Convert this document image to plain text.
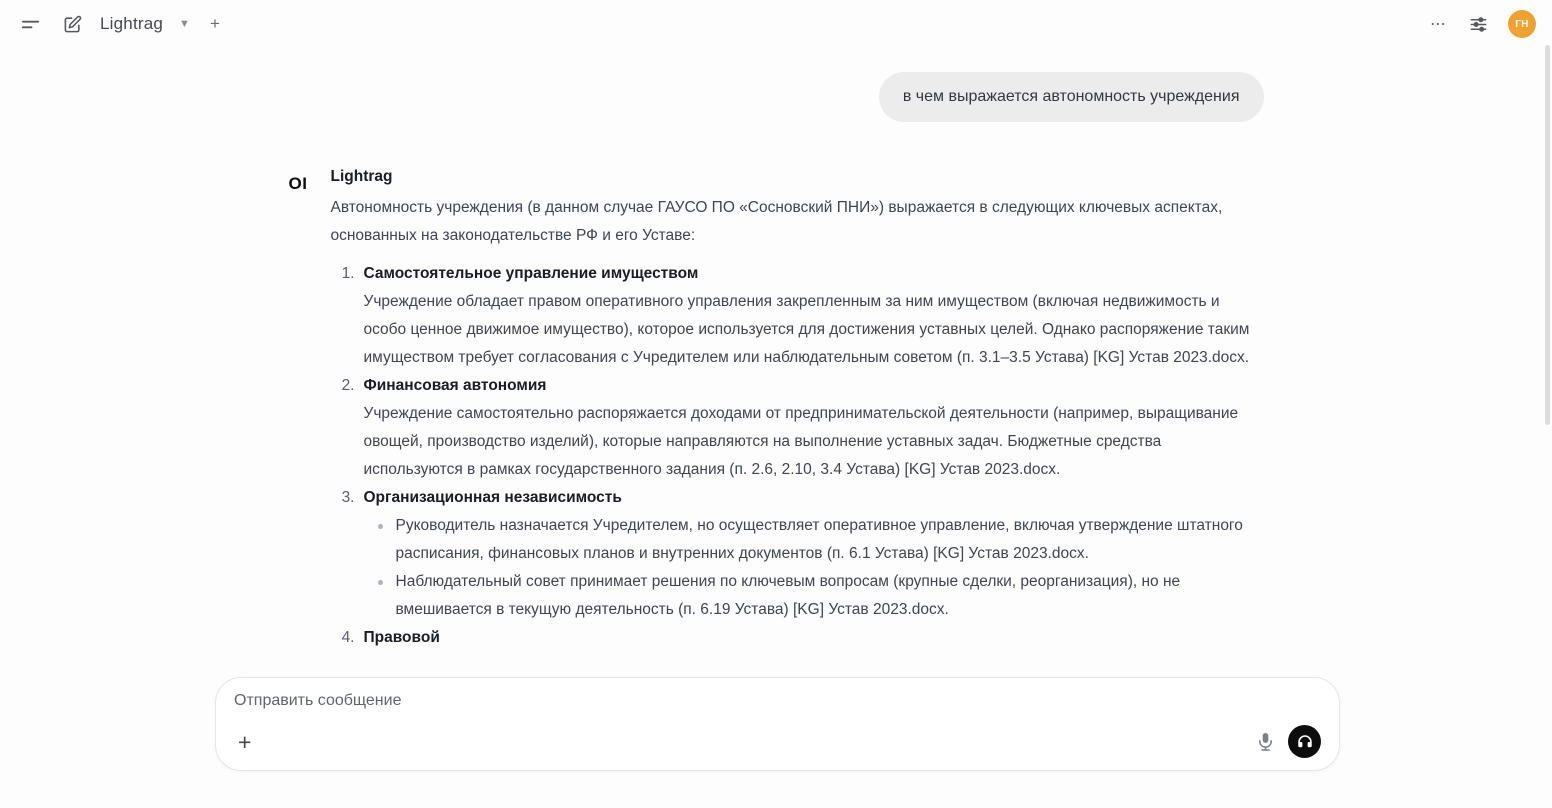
Lightrag ▼ +	⋯	ГН
в чем выражается автономность учреждения
OI	Lightrag
Автономность учреждения (в данном случае ГАУСО ПО «Сосновский ПНИ») выражается в следующих ключевых аспектах, основанных на законодательстве РФ и его Уставе:
1. Самостоятельное управление имуществом
Учреждение обладает правом оперативного управления закрепленным за ним имуществом (включая недвижимость и особо ценное движимое имущество), которое используется для достижения уставных целей. Однако распоряжение таким имуществом требует согласования с Учредителем или наблюдательным советом (п. 3.1–3.5 Устава) [KG] Устав 2023.docx.
2. Финансовая автономия
Учреждение самостоятельно распоряжается доходами от предпринимательской деятельности (например, выращивание овощей, производство изделий), которые направляются на выполнение уставных задач. Бюджетные средства используются в рамках государственного задания (п. 2.6, 2.10, 3.4 Устава) [KG] Устав 2023.docx.
3. Организационная независимость
Руководитель назначается Учредителем, но осуществляет оперативное управление, включая утверждение штатного расписания, финансовых планов и внутренних документов (п. 6.1 Устава) [KG] Устав 2023.docx.
Наблюдательный совет принимает решения по ключевым вопросам (крупные сделки, реорганизация), но не вмешивается в текущую деятельность (п. 6.19 Устава) [KG] Устав 2023.docx.
4. Правовой
Отправить сообщение
+
